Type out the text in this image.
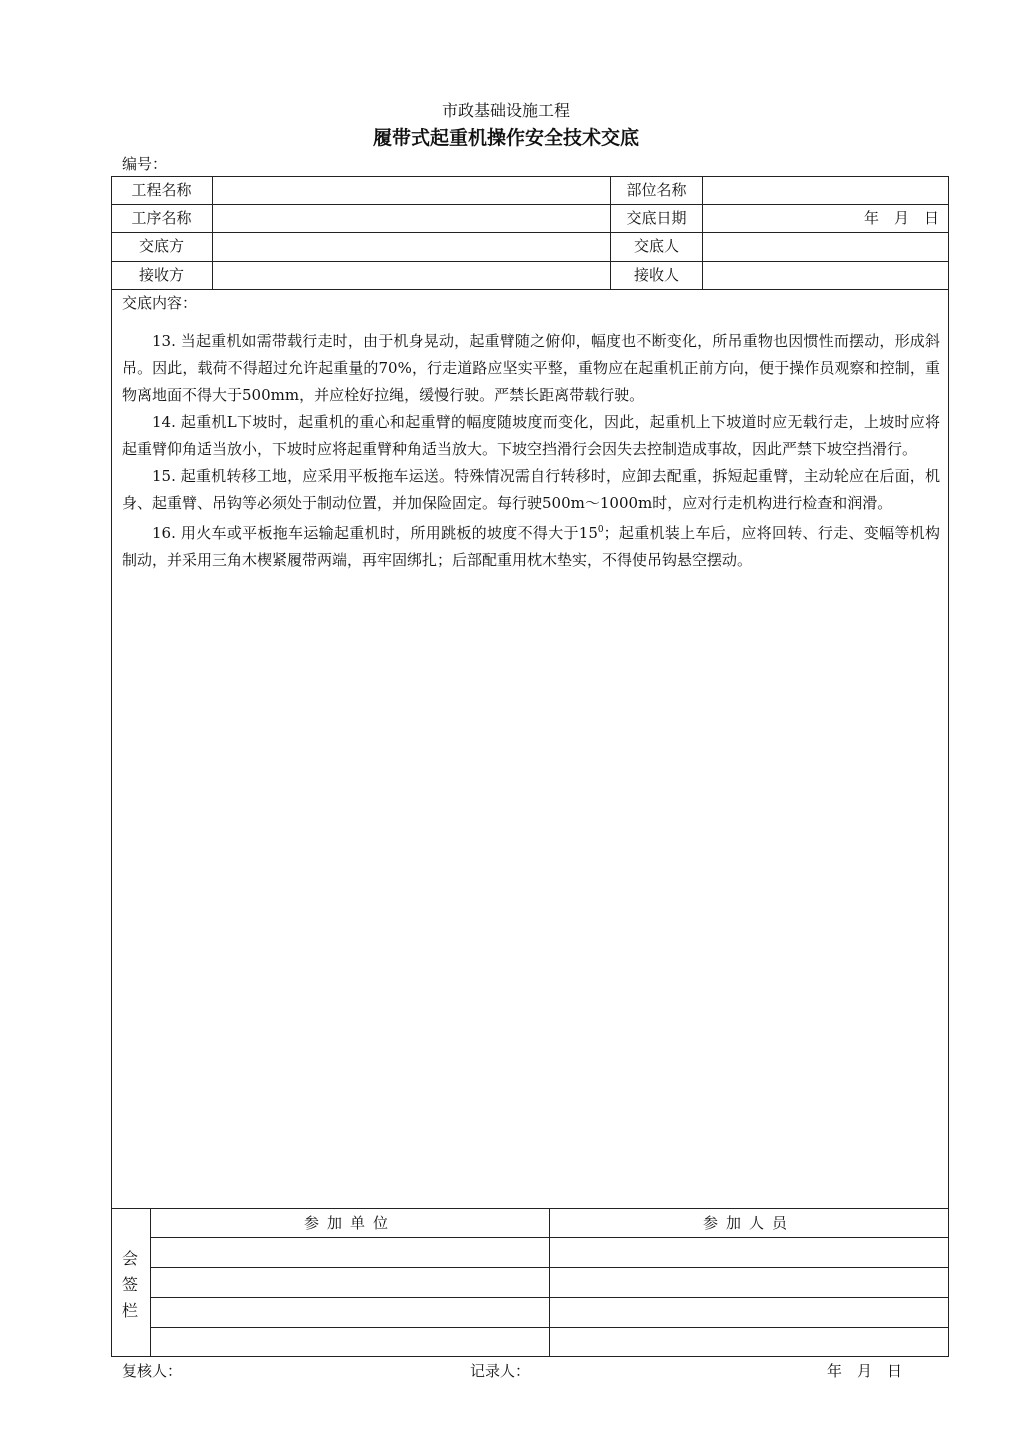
市政基础设施工程
履带式起重机操作安全技术交底
编号：
工程名称	部位名称
工序名称	交底日期	年　月　日
交底方	交底人
接收方	接收人
交底内容：

13. 当起重机如需带载行走时，由于机身晃动，起重臂随之俯仰，幅度也不断变化，所吊重物也因惯性而摆动，形成斜吊。因此，载荷不得超过允许起重量的70%，行走道路应坚实平整，重物应在起重机正前方向，便于操作员观察和控制，重物离地面不得大于500mm，并应栓好拉绳，缓慢行驶。严禁长距离带载行驶。

14. 起重机L下坡时，起重机的重心和起重臂的幅度随坡度而变化，因此，起重机上下坡道时应无载行走，上坡时应将起重臂仰角适当放小，下坡时应将起重臂种角适当放大。下坡空挡滑行会因失去控制造成事故，因此严禁下坡空挡滑行。

15. 起重机转移工地，应采用平板拖车运送。特殊情况需自行转移时，应卸去配重，拆短起重臂，主动轮应在后面，机身、起重臂、吊钩等必须处于制动位置，并加保险固定。每行驶500m～1000m时，应对行走机构进行检查和润滑。

16. 用火车或平板拖车运输起重机时，所用跳板的坡度不得大于$15^0$；起重机装上车后，应将回转、行走、变幅等机构制动，并采用三角木楔紧履带两端，再牢固绑扎；后部配重用枕木垫实，不得使吊钩悬空摆动。

会
签
栏
参加单位	参加人员
复核人：	记录人：	年　月　日
